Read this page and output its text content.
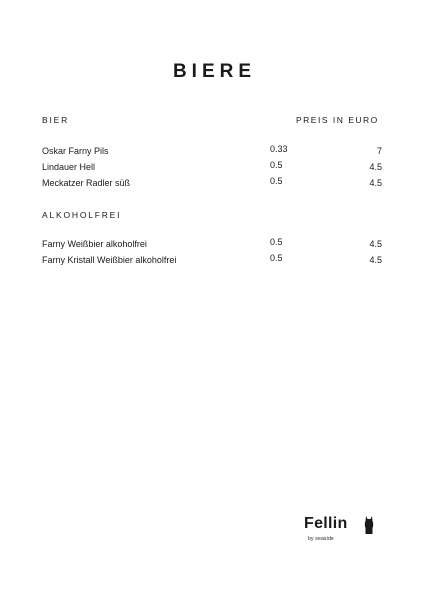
BIERE
BIER	PREIS IN EURO
Oskar Farny Pils	0.33	7
Lindauer Hell	0.5	4.5
Meckatzer Radler süß	0.5	4.5
ALKOHOLFREI
Farny Weißbier alkoholfrei	0.5	4.5
Farny Kristall Weißbier alkoholfrei	0.5	4.5
Fellin
by seaside
